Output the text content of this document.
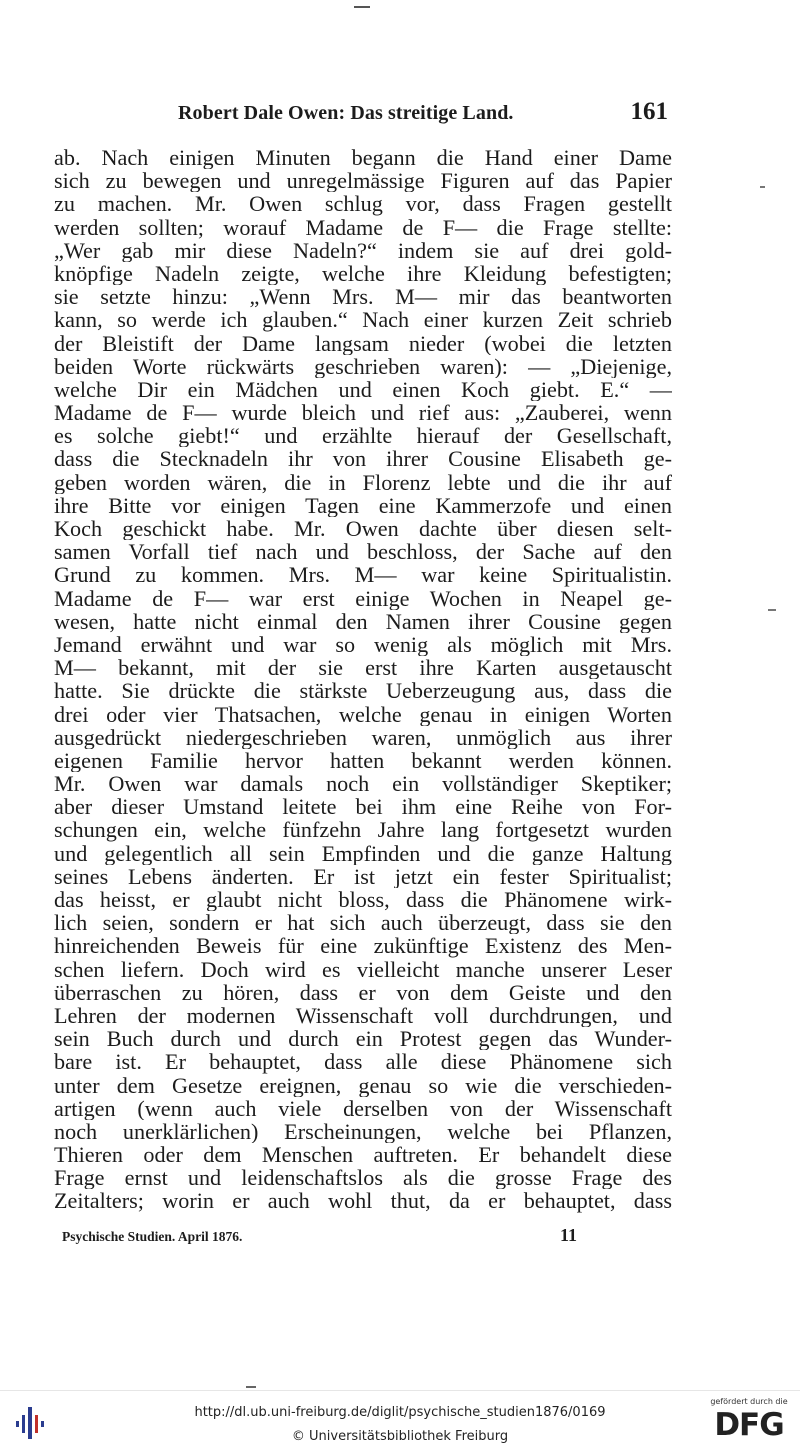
Robert Dale Owen: Das streitige Land.	161
ab. Nach einigen Minuten begann die Hand einer Dame
sich zu bewegen und unregelmässige Figuren auf das Papier
zu machen. Mr. Owen schlug vor, dass Fragen gestellt
werden sollten; worauf Madame de F— die Frage stellte:
„Wer gab mir diese Nadeln?“ indem sie auf drei gold-
knöpfige Nadeln zeigte, welche ihre Kleidung befestigten;
sie setzte hinzu: „Wenn Mrs. M— mir das beantworten
kann, so werde ich glauben.“ Nach einer kurzen Zeit schrieb
der Bleistift der Dame langsam nieder (wobei die letzten
beiden Worte rückwärts geschrieben waren): — „Diejenige,
welche Dir ein Mädchen und einen Koch giebt. E.“ —
Madame de F— wurde bleich und rief aus: „Zauberei, wenn
es solche giebt!“ und erzählte hierauf der Gesellschaft,
dass die Stecknadeln ihr von ihrer Cousine Elisabeth ge-
geben worden wären, die in Florenz lebte und die ihr auf
ihre Bitte vor einigen Tagen eine Kammerzofe und einen
Koch geschickt habe. Mr. Owen dachte über diesen selt-
samen Vorfall tief nach und beschloss, der Sache auf den
Grund zu kommen. Mrs. M— war keine Spiritualistin.
Madame de F— war erst einige Wochen in Neapel ge-
wesen, hatte nicht einmal den Namen ihrer Cousine gegen
Jemand erwähnt und war so wenig als möglich mit Mrs.
M— bekannt, mit der sie erst ihre Karten ausgetauscht
hatte. Sie drückte die stärkste Ueberzeugung aus, dass die
drei oder vier Thatsachen, welche genau in einigen Worten
ausgedrückt niedergeschrieben waren, unmöglich aus ihrer
eigenen Familie hervor hatten bekannt werden können.
Mr. Owen war damals noch ein vollständiger Skeptiker;
aber dieser Umstand leitete bei ihm eine Reihe von For-
schungen ein, welche fünfzehn Jahre lang fortgesetzt wurden
und gelegentlich all sein Empfinden und die ganze Haltung
seines Lebens änderten. Er ist jetzt ein fester Spiritualist;
das heisst, er glaubt nicht bloss, dass die Phänomene wirk-
lich seien, sondern er hat sich auch überzeugt, dass sie den
hinreichenden Beweis für eine zukünftige Existenz des Men-
schen liefern. Doch wird es vielleicht manche unserer Leser
überraschen zu hören, dass er von dem Geiste und den
Lehren der modernen Wissenschaft voll durchdrungen, und
sein Buch durch und durch ein Protest gegen das Wunder-
bare ist. Er behauptet, dass alle diese Phänomene sich
unter dem Gesetze ereignen, genau so wie die verschieden-
artigen (wenn auch viele derselben von der Wissenschaft
noch unerklärlichen) Erscheinungen, welche bei Pflanzen,
Thieren oder dem Menschen auftreten. Er behandelt diese
Frage ernst und leidenschaftslos als die grosse Frage des
Zeitalters; worin er auch wohl thut, da er behauptet, dass
Psychische Studien. April 1876.	11
http://dl.ub.uni-freiburg.de/diglit/psychische_studien1876/0169
© Universitätsbibliothek Freiburg
gefördert durch die
DFG
